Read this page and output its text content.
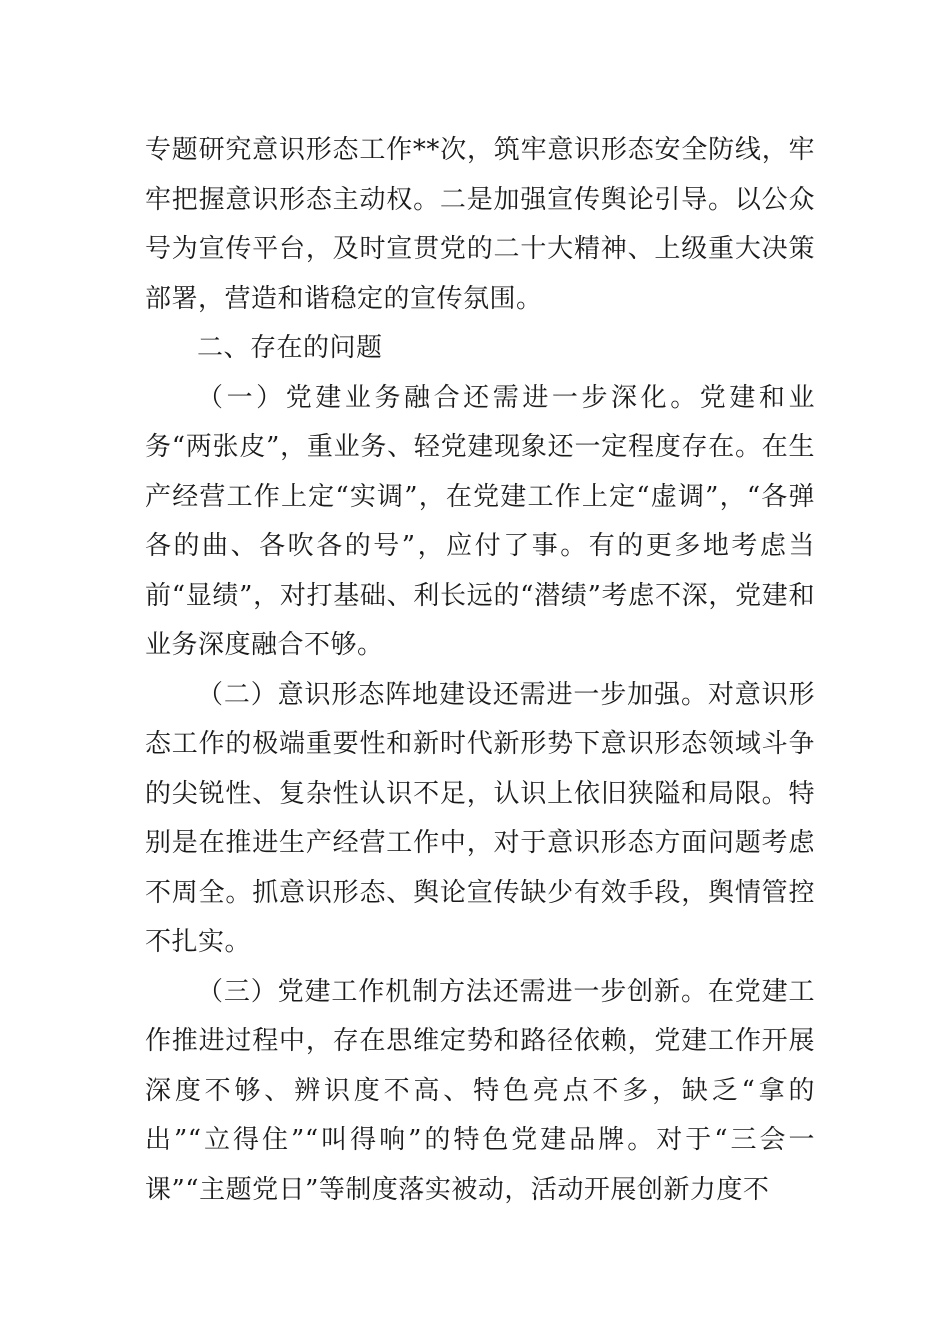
专题研究意识形态工作**次，筑牢意识形态安全防线，牢牢把握意识形态主动权。二是加强宣传舆论引导。以公众号为宣传平台，及时宣贯党的二十大精神、上级重大决策部署，营造和谐稳定的宣传氛围。

二、存在的问题

（一）党建业务融合还需进一步深化。党建和业务“两张皮”，重业务、轻党建现象还一定程度存在。在生产经营工作上定“实调”，在党建工作上定“虚调”，“各弹各的曲、各吹各的号”，应付了事。有的更多地考虑当前“显绩”，对打基础、利长远的“潜绩”考虑不深，党建和业务深度融合不够。

（二）意识形态阵地建设还需进一步加强。对意识形态工作的极端重要性和新时代新形势下意识形态领域斗争的尖锐性、复杂性认识不足，认识上依旧狭隘和局限。特别是在推进生产经营工作中，对于意识形态方面问题考虑不周全。抓意识形态、舆论宣传缺少有效手段，舆情管控不扎实。

（三）党建工作机制方法还需进一步创新。在党建工作推进过程中，存在思维定势和路径依赖，党建工作开展深度不够、辨识度不高、特色亮点不多，缺乏“拿的出”“立得住”“叫得响”的特色党建品牌。对于“三会一课”“主题党日”等制度落实被动，活动开展创新力度不
